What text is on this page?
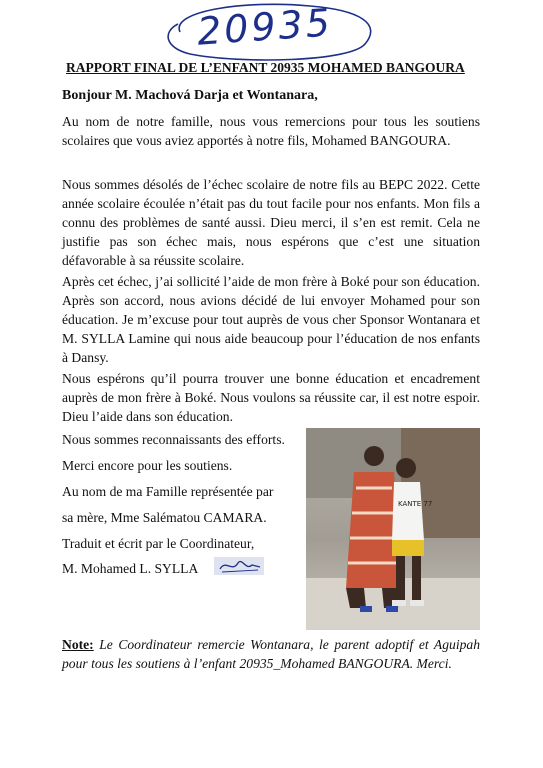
20935
RAPPORT FINAL DE L’ENFANT 20935 MOHAMED BANGOURA
Bonjour M. Machová Darja et Wontanara,
Au nom de notre famille, nous vous remercions pour tous les soutiens scolaires que vous aviez apportés à notre fils, Mohamed BANGOURA.
Nous sommes désolés de l’échec scolaire de notre fils au BEPC 2022. Cette année scolaire écoulée n’était pas du tout facile pour nos enfants. Mon fils a connu des problèmes de santé aussi. Dieu merci, il s’en est remit. Cela ne justifie pas son échec mais, nous espérons que c’est une situation défavorable à sa réussite scolaire.
Après cet échec, j’ai sollicité l’aide de mon frère à Boké pour son éducation. Après son accord, nous avions décidé de lui envoyer Mohamed pour son éducation. Je m’excuse pour tout auprès de vous cher Sponsor Wontanara et M. SYLLA Lamine qui nous aide beaucoup pour l’éducation de nos enfants à Dansy.
Nous espérons qu’il pourra trouver une bonne éducation et encadrement auprès de mon frère à Boké. Nous voulons sa réussite car, il est notre espoir. Dieu l’aide dans son éducation.
Nous sommes reconnaissants des efforts.
Merci encore pour les soutiens.
Au nom de ma Famille représentée par
sa mère, Mme Salématou CAMARA.
Traduit et écrit par le Coordinateur,
M. Mohamed L. SYLLA
KANTE 77
Note: Le Coordinateur remercie Wontanara, le parent adoptif et Aguipah pour tous les soutiens à l’enfant 20935_Mohamed BANGOURA. Merci.
